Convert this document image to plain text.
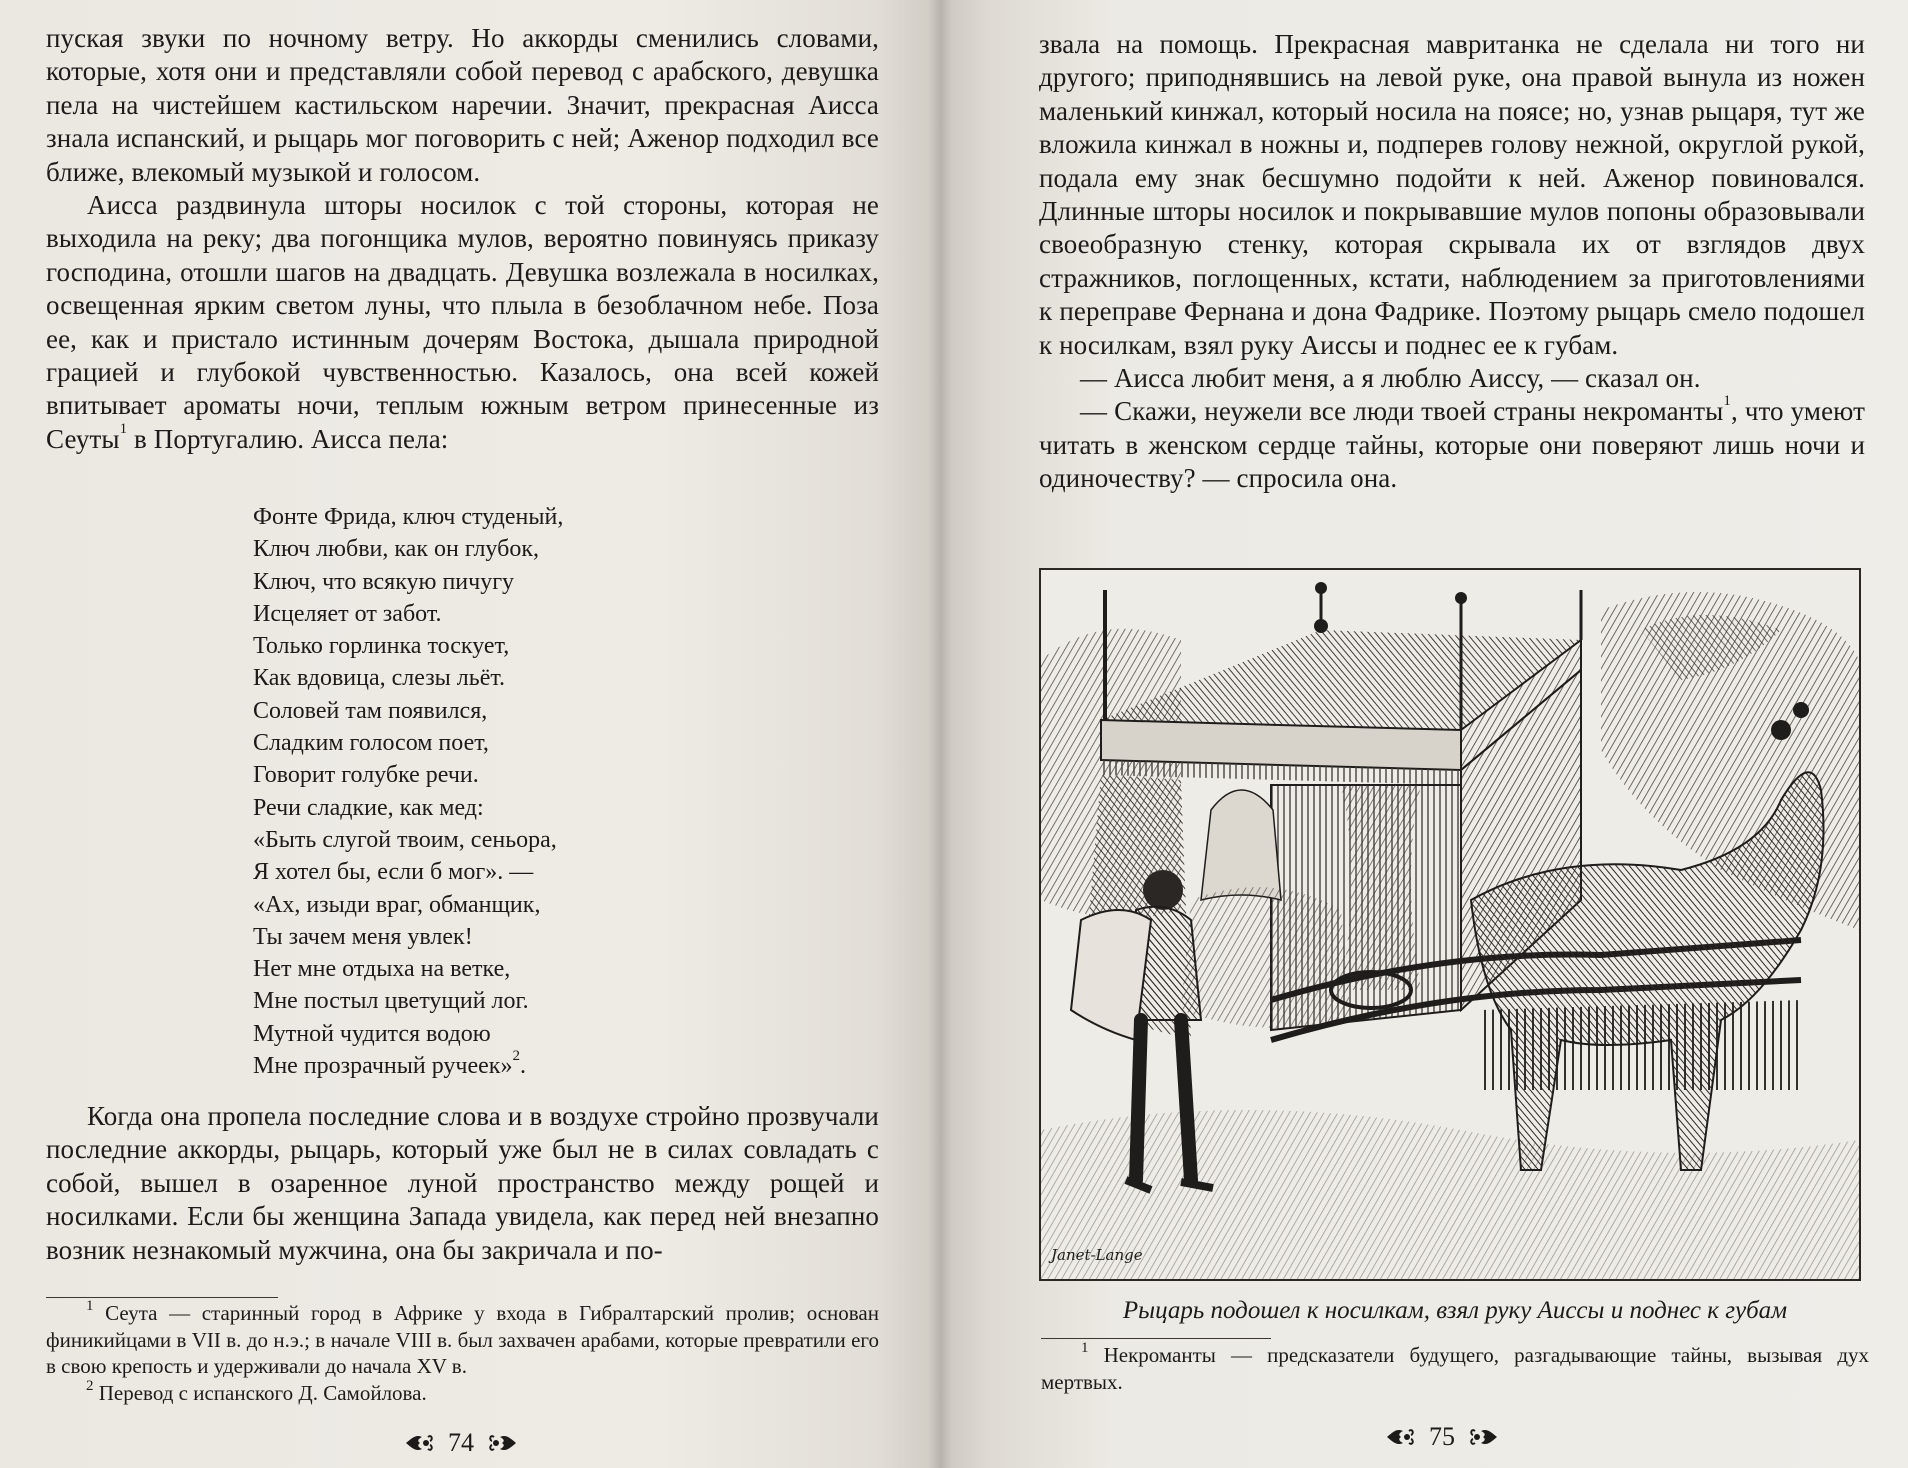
пуская звуки по ночному ветру. Но аккорды сменились словами, которые, хотя они и представляли собой перевод с арабского, девушка пела на чистейшем кастильском наречии. Значит, прекрасная Аисса знала испанский, и рыцарь мог поговорить с ней; Аженор подходил все ближе, влекомый музыкой и голосом.

Аисса раздвинула шторы носилок с той стороны, которая не выходила на реку; два погонщика мулов, вероятно повинуясь приказу господина, отошли шагов на двадцать. Девушка возлежала в носилках, освещенная ярким светом луны, что плыла в безоблачном небе. Поза ее, как и пристало истинным дочерям Востока, дышала природной грацией и глубокой чувственностью. Казалось, она всей кожей впитывает ароматы ночи, теплым южным ветром принесенные из Сеуты$^1$ в Португалию. Аисса пела:

Фонте Фрида, ключ студеный,
Ключ любви, как он глубок,
Ключ, что всякую пичугу
Исцеляет от забот.
Только горлинка тоскует,
Как вдовица, слезы льёт.
Соловей там появился,
Сладким голосом поет,
Говорит голубке речи.
Речи сладкие, как мед:
«Быть слугой твоим, сеньора,
Я хотел бы, если б мог». —
«Ах, изыди враг, обманщик,
Ты зачем меня увлек!
Нет мне отдыха на ветке,
Мне постыл цветущий лог.
Мутной чудится водою
Мне прозрачный ручеек»$^2$.

Когда она пропела последние слова и в воздухе стройно прозвучали последние аккорды, рыцарь, который уже был не в силах совладать с собой, вышел в озаренное луной пространство между рощей и носилками. Если бы женщина Запада увидела, как перед ней внезапно возник незнакомый мужчина, она бы закричала и по-

$^1$ Сеута — старинный город в Африке у входа в Гибралтарский пролив; основан финикийцами в VII в. до н.э.; в начале VIII в. был захвачен арабами, которые превратили его в свою крепость и удерживали до начала XV в.

$^2$ Перевод с испанского Д. Самойлова.

74

звала на помощь. Прекрасная мавританка не сделала ни того ни другого; приподнявшись на левой руке, она правой вынула из ножен маленький кинжал, который носила на поясе; но, узнав рыцаря, тут же вложила кинжал в ножны и, подперев голову нежной, округлой рукой, подала ему знак бесшумно подойти к ней. Аженор повиновался. Длинные шторы носилок и покрывавшие мулов попоны образовывали своеобразную стенку, которая скрывала их от взглядов двух стражников, поглощенных, кстати, наблюдением за приготовлениями к переправе Фернана и дона Фадрике. Поэтому рыцарь смело подошел к носилкам, взял руку Аиссы и поднес ее к губам.

— Аисса любит меня, а я люблю Аиссу, — сказал он.

— Скажи, неужели все люди твоей страны некроманты$^1$, что умеют читать в женском сердце тайны, которые они поверяют лишь ночи и одиночеству? — спросила она.

Janet-Lange
Рыцарь подошел к носилкам, взял руку Аиссы и поднес к губам

$^1$ Некроманты — предсказатели будущего, разгадывающие тайны, вызывая дух мертвых.

75
